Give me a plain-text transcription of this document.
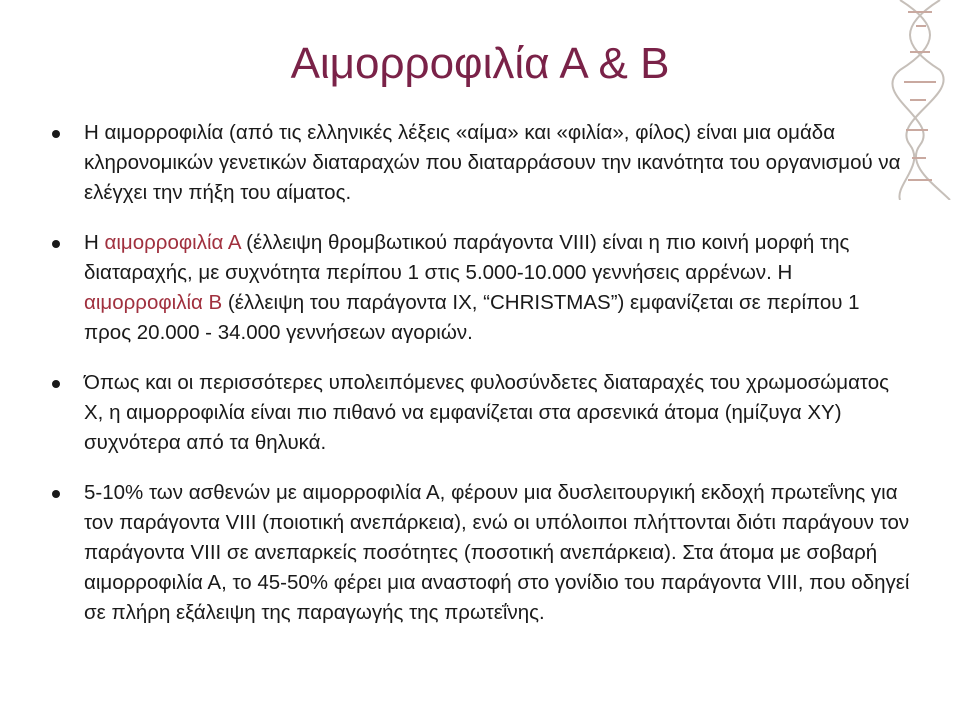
Αιμορροφιλία Α & Β
Η αιμορροφιλία (από τις ελληνικές λέξεις «αίμα» και «φιλία», φίλος) είναι μια ομάδα κληρονομικών γενετικών διαταραχών που διαταρράσουν την ικανότητα του οργανισμού να ελέγχει την πήξη του αίματος.
Η αιμορροφιλία Α (έλλειψη θρομβωτικού παράγοντα VIII) είναι η πιο κοινή μορφή της διαταραχής, με συχνότητα περίπου 1 στις 5.000-10.000 γεννήσεις αρρένων. Η αιμορροφιλία Β (έλλειψη του παράγοντα ΙΧ, “CHRISTMAS”) εμφανίζεται σε περίπου 1 προς 20.000 - 34.000 γεννήσεων αγοριών.
Όπως και οι περισσότερες υπολειπόμενες φυλοσύνδετες διαταραχές του χρωμοσώματος Χ, η αιμορροφιλία είναι πιο πιθανό να εμφανίζεται στα αρσενικά άτομα (ημίζυγα ΧΥ) συχνότερα από τα θηλυκά.
5-10% των ασθενών με αιμορροφιλία Α, φέρουν μια δυσλειτουργική εκδοχή πρωτεΐνης για τον παράγοντα VIII (ποιοτική ανεπάρκεια), ενώ οι υπόλοιποι πλήττονται διότι παράγουν τον παράγοντα VIII σε ανεπαρκείς ποσότητες (ποσοτική ανεπάρκεια). Στα άτομα με σοβαρή αιμορροφιλία Α, το 45-50% φέρει μια αναστοφή στο γονίδιο του παράγοντα VIII, που οδηγεί σε πλήρη εξάλειψη της παραγωγής της πρωτεΐνης.
